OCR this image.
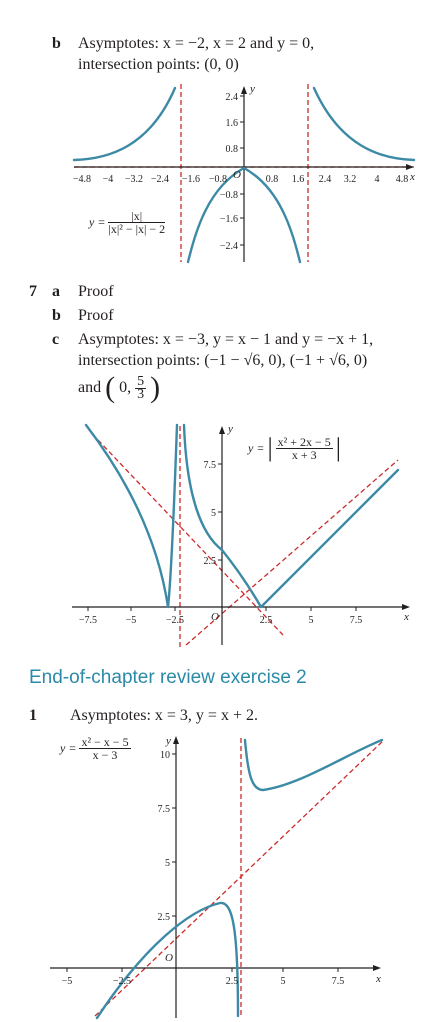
b Asymptotes: x = −2, x = 2 and y = 0,
intersection points: (0, 0)
−4.8 −4 −3.2 −2.4 −1.6 −0.8	0.8 1.6 2.4 3.2 4 4.8
2.4
1.6
0.8
−0.8
−1.6
−2.4
O
y
x
$y = \frac{|x|}{\text{|x|² − |x| − 2}}$
7 a Proof
b Proof
c Asymptotes: x = −3, y = x − 1 and y = −x + 1,
intersection points: (−1 − √6, 0), (−1 + √6, 0)
and ( 0, $\frac{5}{3}$ )
−7.5	−5	−2.5	2.5	5	7.5
7.5
5
2.5
O
y
x
y = | $\frac{\text{x² + 2x − 5}}{x + 3}$ |
End-of-chapter review exercise 2
1 Asymptotes: x = 3, y = x + 2.
−5	−2.5	2.5	5	7.5
10
7.5
5
2.5
O
y
x
$y = \frac{\text{x² − x − 5}}{x - 3}$
